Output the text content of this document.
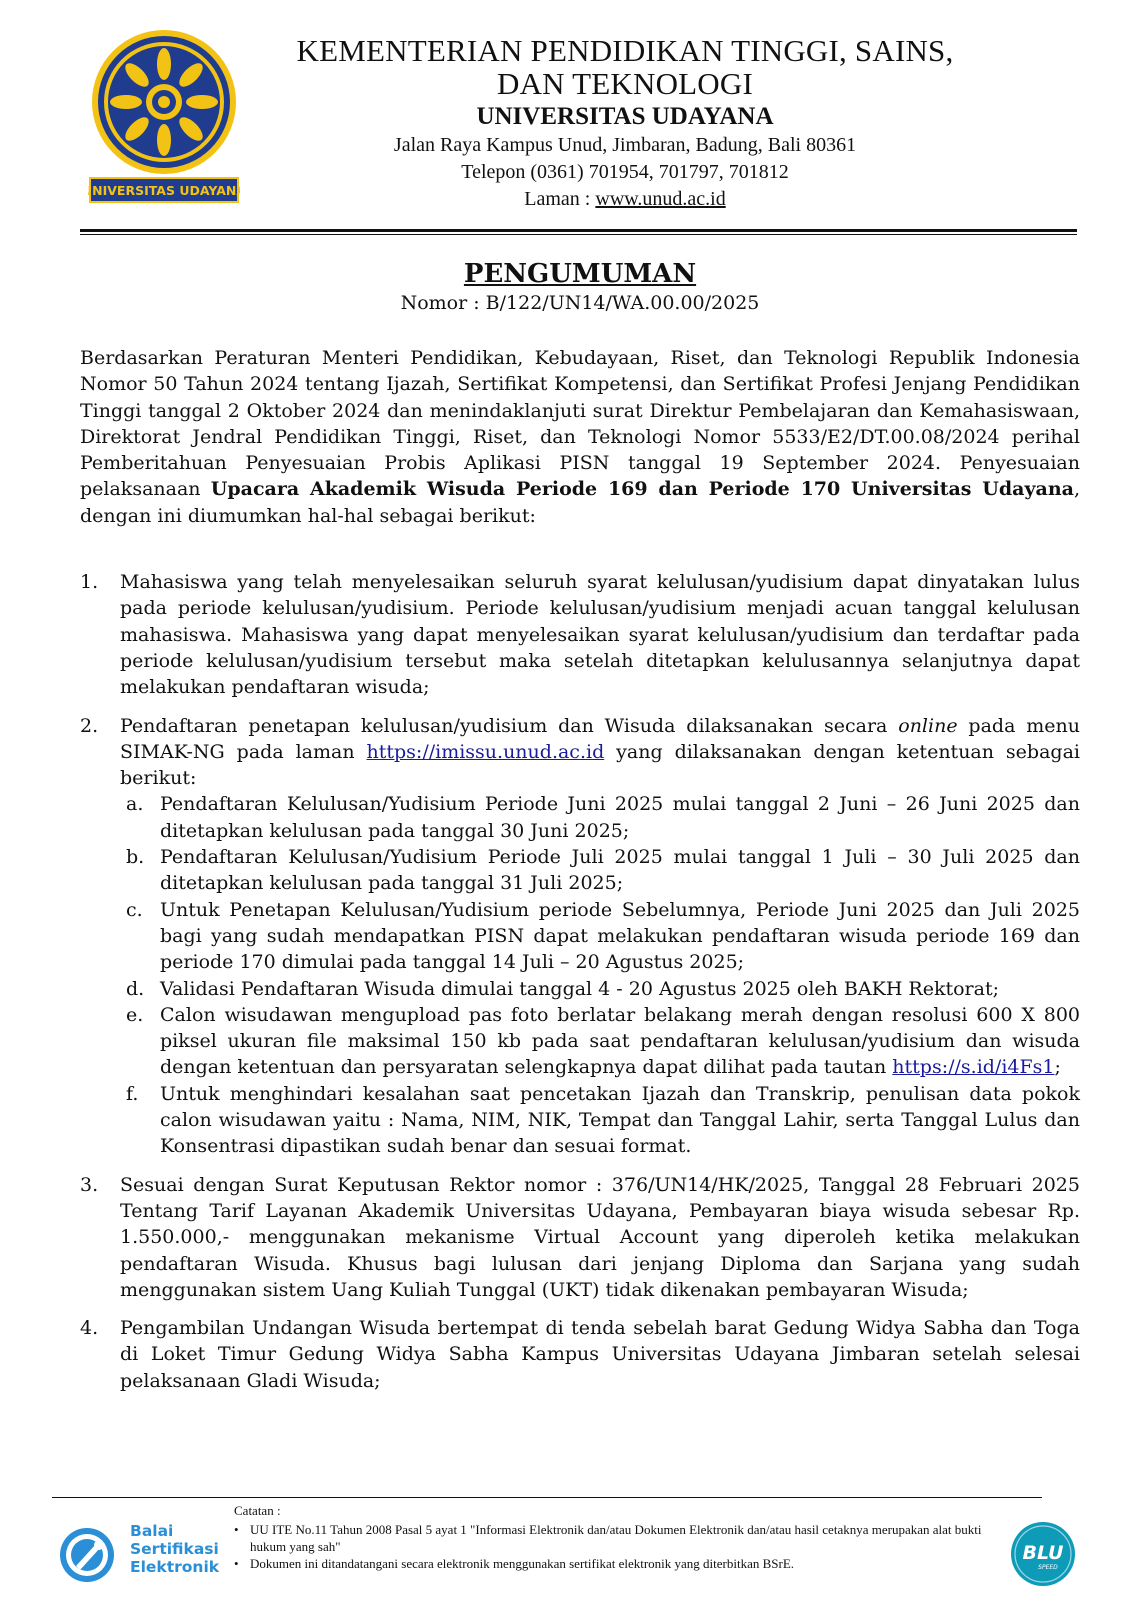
UNIVERSITAS UDAYANA
KEMENTERIAN PENDIDIKAN TINGGI, SAINS,
DAN TEKNOLOGI
UNIVERSITAS UDAYANA
Jalan Raya Kampus Unud, Jimbaran, Badung, Bali 80361
Telepon (0361) 701954, 701797, 701812
Laman : www.unud.ac.id
PENGUMUMAN
Nomor : B/122/UN14/WA.00.00/2025

Berdasarkan Peraturan Menteri Pendidikan, Kebudayaan, Riset, dan Teknologi Republik Indonesia Nomor 50 Tahun 2024 tentang Ijazah, Sertifikat Kompetensi, dan Sertifikat Profesi Jenjang Pendidikan Tinggi tanggal 2 Oktober 2024 dan menindaklanjuti surat Direktur Pembelajaran dan Kemahasiswaan, Direktorat Jendral Pendidikan Tinggi, Riset, dan Teknologi Nomor 5533/E2/DT.00.08/2024 perihal Pemberitahuan Penyesuaian Probis Aplikasi PISN tanggal 19 September 2024. Penyesuaian pelaksanaan Upacara Akademik Wisuda Periode 169 dan Periode 170 Universitas Udayana, dengan ini diumumkan hal-hal sebagai berikut:

1. Mahasiswa yang telah menyelesaikan seluruh syarat kelulusan/yudisium dapat dinyatakan lulus pada periode kelulusan/yudisium. Periode kelulusan/yudisium menjadi acuan tanggal kelulusan mahasiswa. Mahasiswa yang dapat menyelesaikan syarat kelulusan/yudisium dan terdaftar pada periode kelulusan/yudisium tersebut maka setelah ditetapkan kelulusannya selanjutnya dapat melakukan pendaftaran wisuda;
2. Pendaftaran penetapan kelulusan/yudisium dan Wisuda dilaksanakan secara online pada menu SIMAK-NG pada laman https://imissu.unud.ac.id yang dilaksanakan dengan ketentuan sebagai berikut:
a. Pendaftaran Kelulusan/Yudisium Periode Juni 2025 mulai tanggal 2 Juni – 26 Juni 2025 dan ditetapkan kelulusan pada tanggal 30 Juni 2025;
b. Pendaftaran Kelulusan/Yudisium Periode Juli 2025 mulai tanggal 1 Juli – 30 Juli 2025 dan ditetapkan kelulusan pada tanggal 31 Juli 2025;
c. Untuk Penetapan Kelulusan/Yudisium periode Sebelumnya, Periode Juni 2025 dan Juli 2025 bagi yang sudah mendapatkan PISN dapat melakukan pendaftaran wisuda periode 169 dan periode 170 dimulai pada tanggal 14 Juli – 20 Agustus 2025;
d. Validasi Pendaftaran Wisuda dimulai tanggal 4 - 20 Agustus 2025 oleh BAKH Rektorat;
e. Calon wisudawan mengupload pas foto berlatar belakang merah dengan resolusi 600 X 800 piksel ukuran file maksimal 150 kb pada saat pendaftaran kelulusan/yudisium dan wisuda dengan ketentuan dan persyaratan selengkapnya dapat dilihat pada tautan https://s.id/i4Fs1;
f. Untuk menghindari kesalahan saat pencetakan Ijazah dan Transkrip, penulisan data pokok calon wisudawan yaitu : Nama, NIM, NIK, Tempat dan Tanggal Lahir, serta Tanggal Lulus dan Konsentrasi dipastikan sudah benar dan sesuai format.
3. Sesuai dengan Surat Keputusan Rektor nomor : 376/UN14/HK/2025, Tanggal 28 Februari 2025 Tentang Tarif Layanan Akademik Universitas Udayana, Pembayaran biaya wisuda sebesar Rp. 1.550.000,- menggunakan mekanisme Virtual Account yang diperoleh ketika melakukan pendaftaran Wisuda. Khusus bagi lulusan dari jenjang Diploma dan Sarjana yang sudah menggunakan sistem Uang Kuliah Tunggal (UKT) tidak dikenakan pembayaran Wisuda;
4. Pengambilan Undangan Wisuda bertempat di tenda sebelah barat Gedung Widya Sabha dan Toga di Loket Timur Gedung Widya Sabha Kampus Universitas Udayana Jimbaran setelah selesai pelaksanaan Gladi Wisuda;
Balai
Sertifikasi
Elektronik
Catatan :
• UU ITE No.11 Tahun 2008 Pasal 5 ayat 1 "Informasi Elektronik dan/atau Dokumen Elektronik dan/atau hasil cetaknya merupakan alat bukti hukum yang sah"
• Dokumen ini ditandatangani secara elektronik menggunakan sertifikat elektronik yang diterbitkan BSrE.	BLU
SPEED
